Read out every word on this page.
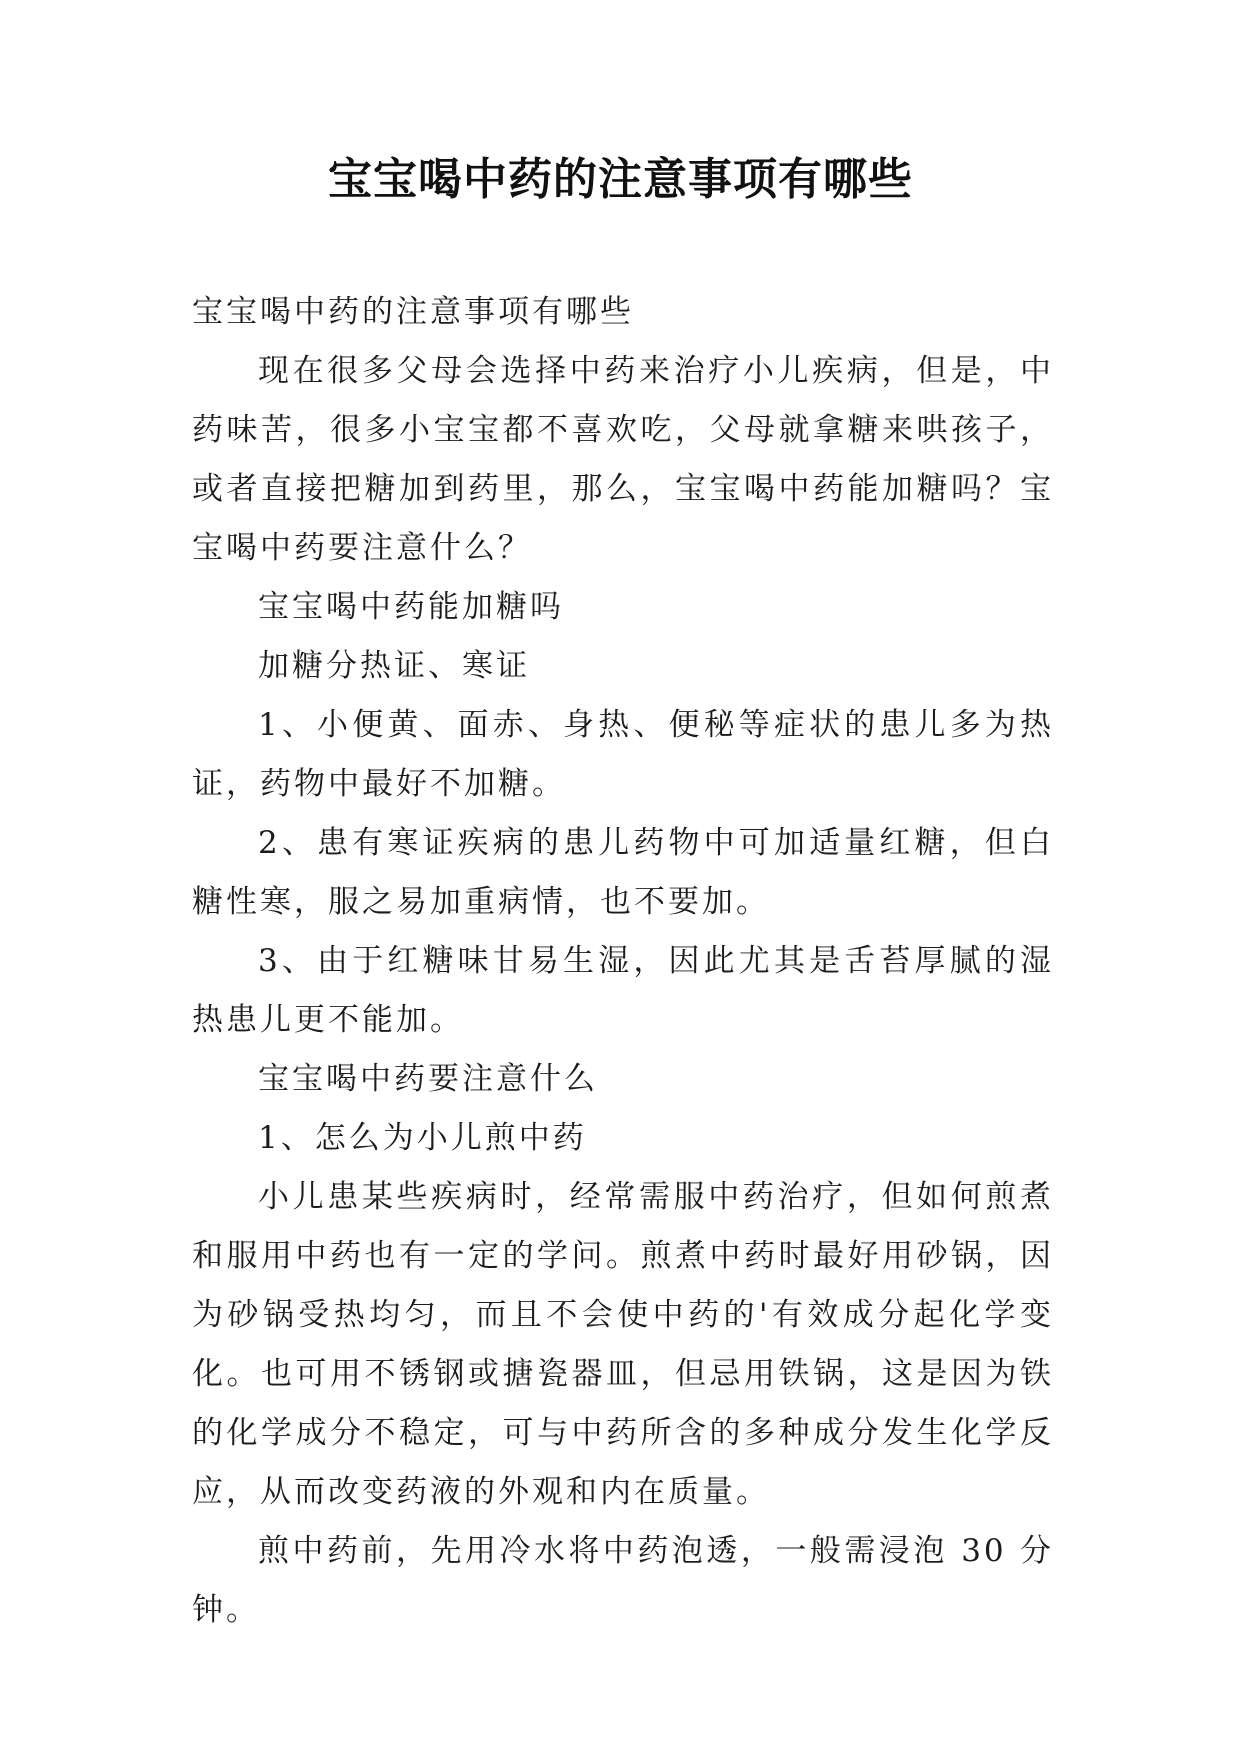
宝宝喝中药的注意事项有哪些

宝宝喝中药的注意事项有哪些

现在很多父母会选择中药来治疗小儿疾病，但是，中药味苦，很多小宝宝都不喜欢吃，父母就拿糖来哄孩子，或者直接把糖加到药里，那么，宝宝喝中药能加糖吗？宝宝喝中药要注意什么？

宝宝喝中药能加糖吗

加糖分热证、寒证

1、小便黄、面赤、身热、便秘等症状的患儿多为热证，药物中最好不加糖。

2、患有寒证疾病的患儿药物中可加适量红糖，但白糖性寒，服之易加重病情，也不要加。

3、由于红糖味甘易生湿，因此尤其是舌苔厚腻的湿热患儿更不能加。

宝宝喝中药要注意什么

1、怎么为小儿煎中药

小儿患某些疾病时，经常需服中药治疗，但如何煎煮和服用中药也有一定的学问。煎煮中药时最好用砂锅，因为砂锅受热均匀，而且不会使中药的'有效成分起化学变化。也可用不锈钢或搪瓷器皿，但忌用铁锅，这是因为铁的化学成分不稳定，可与中药所含的多种成分发生化学反应，从而改变药液的外观和内在质量。

煎中药前，先用冷水将中药泡透，一般需浸泡 30 分钟。
